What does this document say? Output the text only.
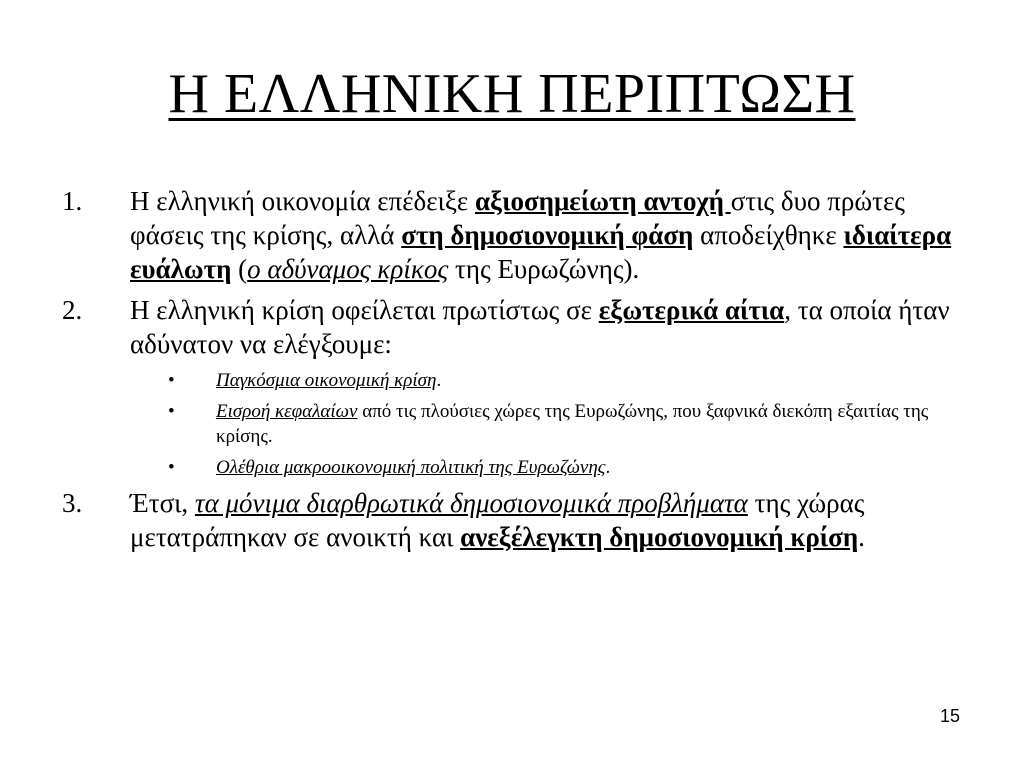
Η ΕΛΛΗΝΙΚΗ ΠΕΡΙΠΤΩΣΗ
1.	Η ελληνική οικονομία επέδειξε αξιοσημείωτη αντοχή στις δυο πρώτες φάσεις της κρίσης, αλλά στη δημοσιονομική φάση αποδείχθηκε ιδιαίτερα ευάλωτη (ο αδύναμος κρίκος της Ευρωζώνης).
2.	Η ελληνική κρίση οφείλεται πρωτίστως σε εξωτερικά αίτια, τα οποία ήταν αδύνατον να ελέγξουμε:
•	Παγκόσμια οικονομική κρίση.
•	Εισροή κεφαλαίων από τις πλούσιες χώρες της Ευρωζώνης, που ξαφνικά διεκόπη εξαιτίας της κρίσης.
•	Ολέθρια μακροοικονομική πολιτική της Ευρωζώνης.
3.	Έτσι, τα μόνιμα διαρθρωτικά δημοσιονομικά προβλήματα της χώρας μετατράπηκαν σε ανοικτή και ανεξέλεγκτη δημοσιονομική κρίση.
15
